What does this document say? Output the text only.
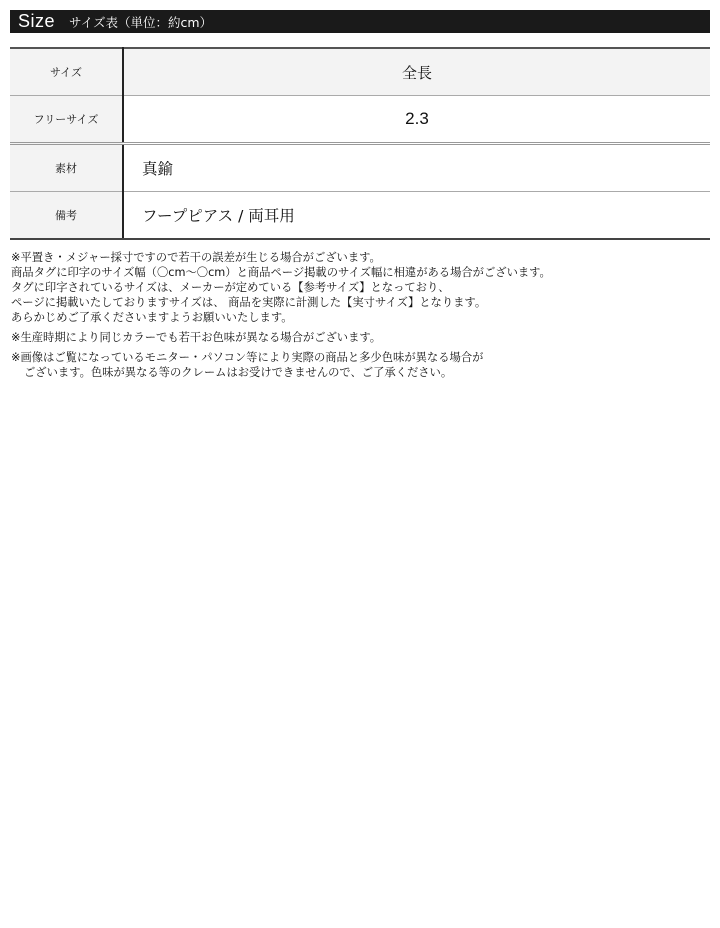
Size サイズ表（単位：約cm）
サイズ	全長
フリーサイズ	2.3
素材	真鍮
備考	フープピアス / 両耳用
※平置き・メジャー採寸ですので若干の誤差が生じる場合がございます。
商品タグに印字のサイズ幅（〇cm〜〇cm）と商品ページ掲載のサイズ幅に相違がある場合がございます。
タグに印字されているサイズは、メーカーが定めている【参考サイズ】となっており、
ページに掲載いたしておりますサイズは、 商品を実際に計測した【実寸サイズ】となります。
あらかじめご了承くださいますようお願いいたします。
※生産時期により同じカラーでも若干お色味が異なる場合がございます。
※画像はご覧になっているモニター・パソコン等により実際の商品と多少色味が異なる場合が
ございます。色味が異なる等のクレームはお受けできませんので、ご了承ください。
